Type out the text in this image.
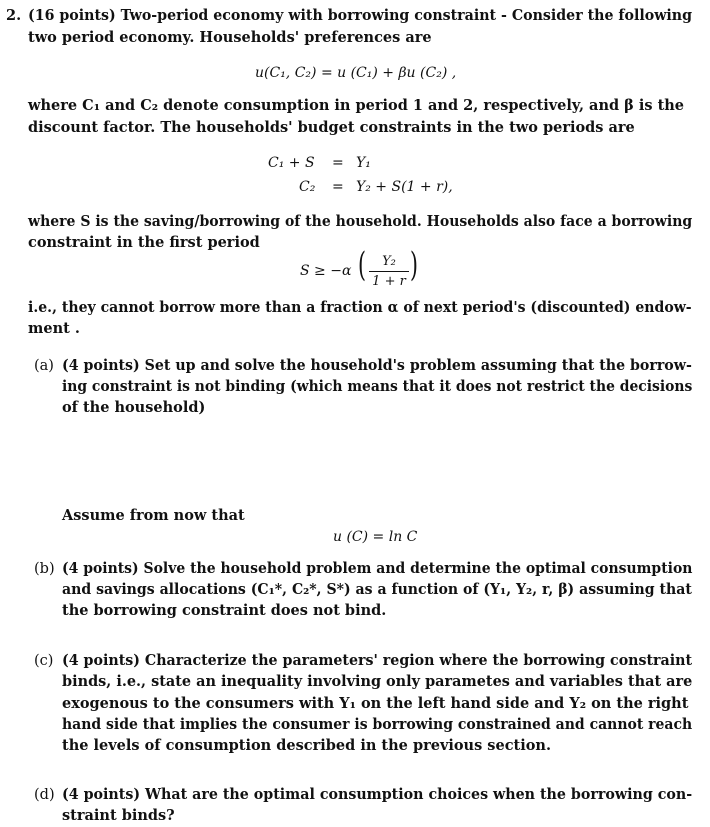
2. (16 points) Two-period economy with borrowing constraint - Consider the following
two period economy. Households' preferences are
u(C₁, C₂) = u (C₁) + βu (C₂) ,
where C₁ and C₂ denote consumption in period 1 and 2, respectively, and β is the
discount factor. The households' budget constraints in the two periods are
C₁ + S = Y₁
C₂ = Y₂ + S(1 + r),
where S is the saving/borrowing of the household. Households also face a borrowing
constraint in the first period
S ≥ −α (	Y₂
1 + r )
i.e., they cannot borrow more than a fraction α of next period's (discounted) endow-
ment .
(a) (4 points) Set up and solve the household's problem assuming that the borrow-
ing constraint is not binding (which means that it does not restrict the decisions
of the household)
Assume from now that
u (C) = ln C
(b) (4 points) Solve the household problem and determine the optimal consumption
and savings allocations (C₁*, C₂*, S*) as a function of (Y₁, Y₂, r, β) assuming that
the borrowing constraint does not bind.
(c) (4 points) Characterize the parameters' region where the borrowing constraint
binds, i.e., state an inequality involving only parametes and variables that are
exogenous to the consumers with Y₁ on the left hand side and Y₂ on the right
hand side that implies the consumer is borrowing constrained and cannot reach
the levels of consumption described in the previous section.
(d) (4 points) What are the optimal consumption choices when the borrowing con-
straint binds?
